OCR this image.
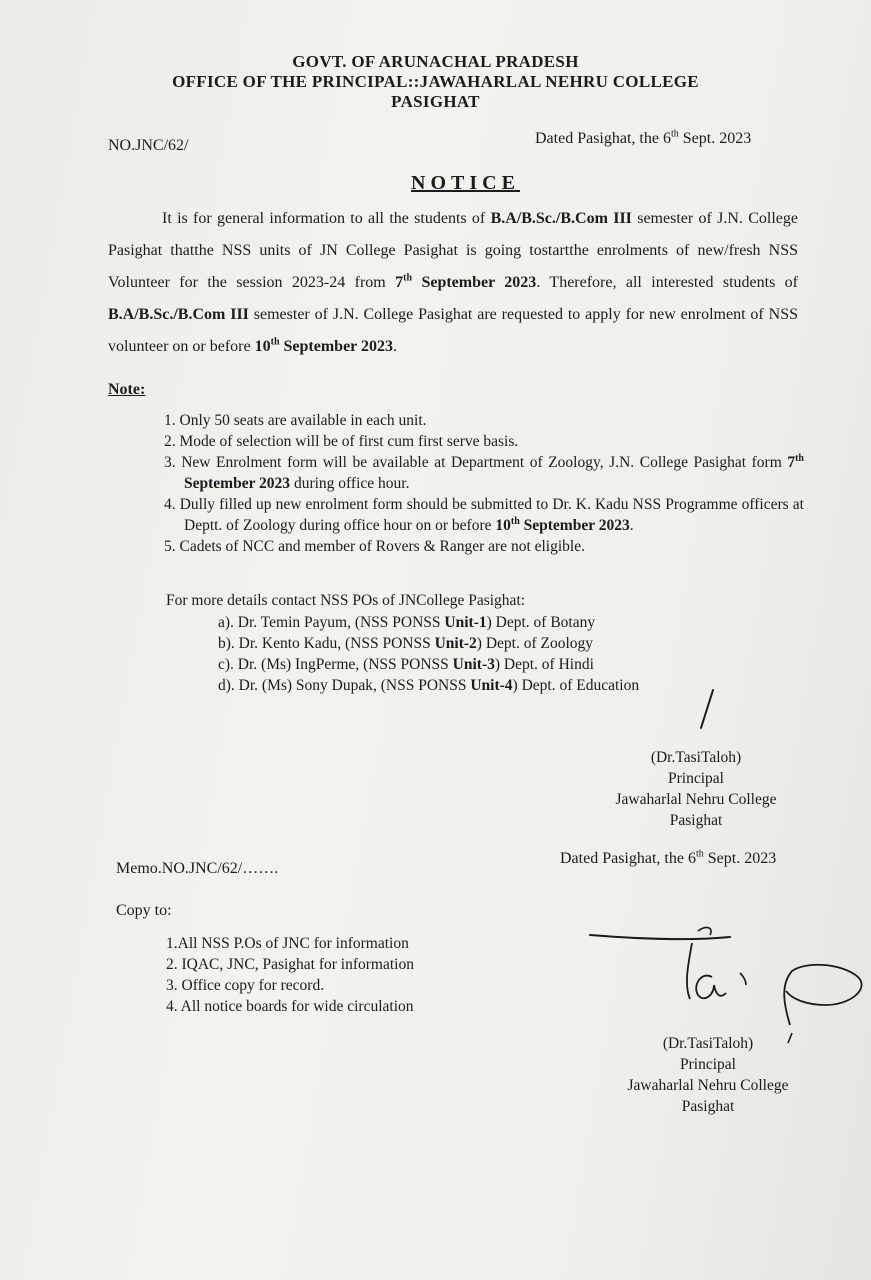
GOVT. OF ARUNACHAL PRADESH
OFFICE OF THE PRINCIPAL::JAWAHARLAL NEHRU COLLEGE
PASIGHAT
NO.JNC/62/	Dated Pasighat, the 6th Sept. 2023
NOTICE
It is for general information to all the students of B.A/B.Sc./B.Com III semester of J.N. College Pasighat thatthe NSS units of JN College Pasighat is going tostartthe enrolments of new/fresh NSS Volunteer for the session 2023-24 from 7th September 2023. Therefore, all interested students of B.A/B.Sc./B.Com III semester of J.N. College Pasighat are requested to apply for new enrolment of NSS volunteer on or before 10th September 2023.
Note:
1. Only 50 seats are available in each unit.
2. Mode of selection will be of first cum first serve basis.
3. New Enrolment form will be available at Department of Zoology, J.N. College Pasighat form 7th September 2023 during office hour.
4. Dully filled up new enrolment form should be submitted to Dr. K. Kadu NSS Programme officers at Deptt. of Zoology during office hour on or before 10th September 2023.
5. Cadets of NCC and member of Rovers & Ranger are not eligible.
For more details contact NSS POs of JNCollege Pasighat:
a). Dr. Temin Payum, (NSS PONSS Unit-1) Dept. of Botany
b). Dr. Kento Kadu, (NSS PONSS Unit-2) Dept. of Zoology
c). Dr. (Ms) IngPerme, (NSS PONSS Unit-3) Dept. of Hindi
d). Dr. (Ms) Sony Dupak, (NSS PONSS Unit-4) Dept. of Education
(Dr.TasiTaloh)
Principal
Jawaharlal Nehru College
Pasighat
Memo.NO.JNC/62/…….
Dated Pasighat, the 6th Sept. 2023
Copy to:
1.All NSS P.Os of JNC for information
2. IQAC, JNC, Pasighat for information
3. Office copy for record.
4. All notice boards for wide circulation
(Dr.TasiTaloh)
Principal
Jawaharlal Nehru College
Pasighat
